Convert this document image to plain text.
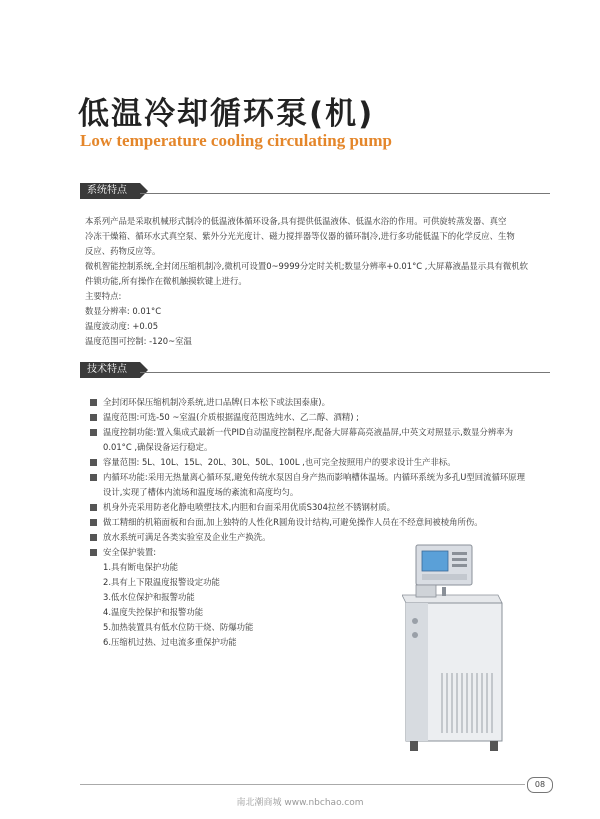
低温冷却循环泵(机)
Low temperature cooling circulating pump
系统特点

本系列产品是采取机械形式制冷的低温液体循环设备,具有提供低温液体、低温水浴的作用。可供旋转蒸发器、真空

冷冻干燥箱、循环水式真空泵、紫外分光光度计、磁力搅拌器等仪器的循环制冷,进行多功能低温下的化学反应、生物

反应、药物反应等。

微机智能控制系统,全封闭压缩机制冷,微机可设置0~9999分定时关机;数显分辨率+0.01°C ,大屏幕液晶显示具有微机软

件锁功能,所有操作在微机触摸软键上进行。

主要特点:

数显分辨率: 0.01°C

温度波动度: +0.05

温度范围可控制: -120~室温

技术特点
全封闭环保压缩机制冷系统,进口品牌(日本松下或法国泰康)。
温度范围:可选-50 ~室温(介质根据温度范围选纯水、乙二醇、酒精) ;
温度控制功能:置入集成式最新一代PID自动温度控制程序,配备大屏幕高亮液晶屏,中英文对照显示,数显分辨率为
0.01°C ,确保设备运行稳定。
容量范围: 5L、10L、15L、20L、30L、50L、100L ,也可完全按照用户的要求设计生产非标。
内循环功能:采用无热量离心循环泵,避免传统水泵因自身产热而影响槽体温场。内循环系统为多孔U型回流循环原理
设计,实现了槽体内流场和温度场的紊流和高度均匀。
机身外壳采用防老化静电喷塑技术,内胆和台面采用优质S304拉丝不锈钢材质。
做工精细的机箱面板和台面,加上独特的人性化R圆角设计结构,可避免操作人员在不经意间被棱角所伤。
放水系统可满足各类实验室及企业生产换洗。
安全保护装置:
1.具有断电保护功能
2.具有上下限温度报警设定功能
3.低水位保护和报警功能
4.温度失控保护和报警功能
5.加热装置具有低水位防干烧、防爆功能
6.压缩机过热、过电流多重保护功能
08
南北潮商城 www.nbchao.com
